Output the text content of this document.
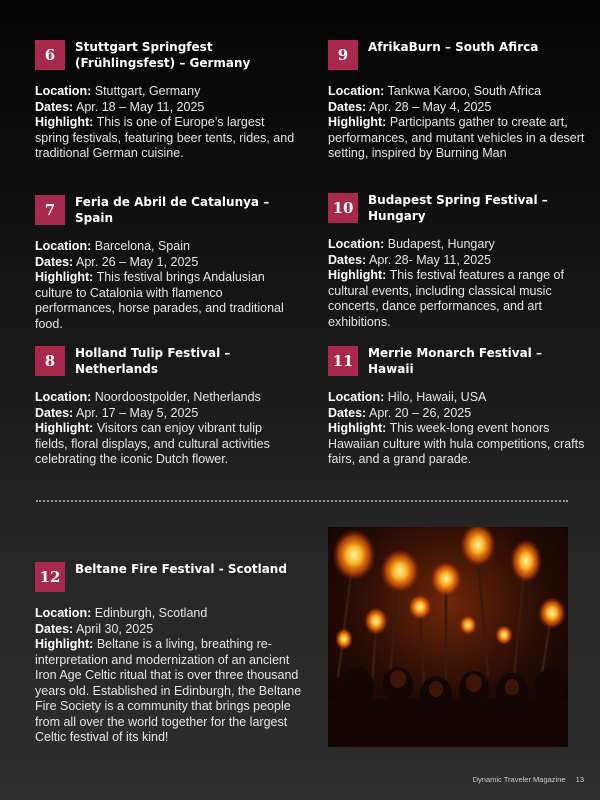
6	Stuttgart Springfest (Frühlingsfest) – Germany
Location: Stuttgart, Germany
Dates: Apr. 18 – May 11, 2025
Highlight: This is one of Europe’s largest spring festivals, featuring beer tents, rides, and traditional German cuisine.
7	Feria de Abril de Catalunya – Spain
Location: Barcelona, Spain
Dates: Apr. 26 – May 1, 2025
Highlight: This festival brings Andalusian culture to Catalonia with flamenco performances, horse parades, and traditional food.
8	Holland Tulip Festival – Netherlands
Location: Noordoostpolder, Netherlands
Dates: Apr. 17 – May 5, 2025
Highlight: Visitors can enjoy vibrant tulip fields, floral displays, and cultural activities celebrating the iconic Dutch flower.
9	AfrikaBurn – South Afirca
Location: Tankwa Karoo, South Africa
Dates: Apr. 28 – May 4, 2025
Highlight: Participants gather to create art, performances, and mutant vehicles in a desert setting, inspired by Burning Man
10	Budapest Spring Festival – Hungary
Location: Budapest, Hungary
Dates: Apr. 28- May 11, 2025
Highlight: This festival features a range of cultural events, including classical music concerts, dance performances, and art exhibitions.
11	Merrie Monarch Festival – Hawaii
Location: Hilo, Hawaii, USA
Dates: Apr. 20 – 26, 2025
Highlight: This week-long event honors Hawaiian culture with hula competitions, crafts fairs, and a grand parade.
12	Beltane Fire Festival - Scotland
Location: Edinburgh, Scotland
Dates: April 30, 2025
Highlight: Beltane is a living, breathing re-interpretation and modernization of an ancient Iron Age Celtic ritual that is over three thousand years old. Established in Edinburgh, the Beltane Fire Society is a community that brings people from all over the world together for the largest Celtic festival of its kind!
Dynamic Traveler Magazine 13
